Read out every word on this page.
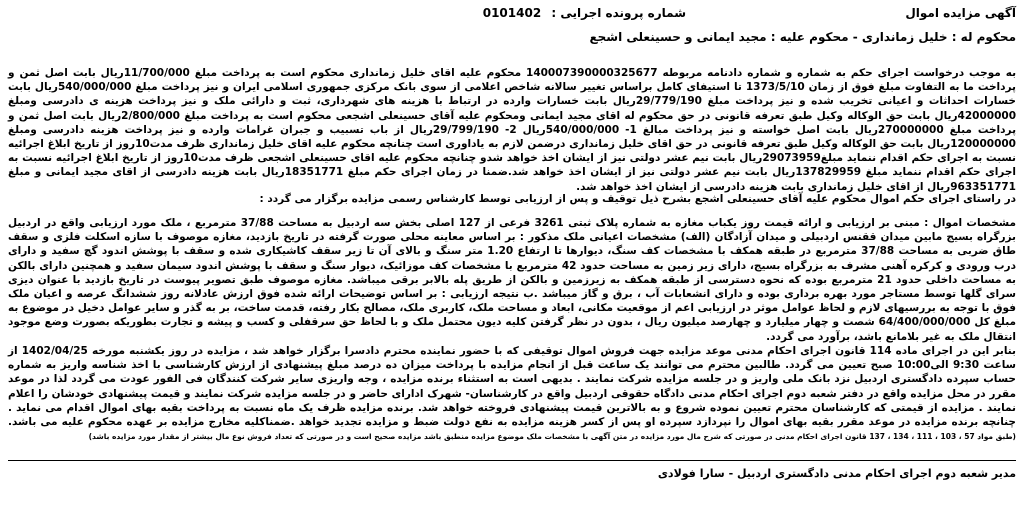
آگهی مزایده اموال
شماره پرونده اجرایی : 0101402
محکوم له : خلیل زمانداری - محکوم علیه : مجید ایمانی و حسینعلی اشجع

به موجب درخواست اجرای حکم به شماره و شماره دادنامه مربوطه 140007390000325677 محکوم علیه اقای خلیل زمانداری محکوم است به پرداخت مبلغ 11/700/000ریال بابت اصل ثمن و پرداخت ما به التفاوت مبلغ فوق از زمان 1373/5/10 تا استیفای کامل براساس تغییر سالانه شاخص اعلامی از سوی بانک مرکزی جمهوری اسلامی ایران و نیز پرداخت مبلغ 540/000/000ریال بابت خسارات احداثات و اعیانی تخریب شده و نیز پرداخت مبلغ 29/779/190ریال بابت خسارات وارده در ارتباط با هزینه های شهرداری، ثبت و دارائی ملک و نیز پرداخت هزینه ی دادرسی ومبلغ 42000000ریال بابت حق الوکاله وکیل طبق تعرفه قانونی در حق محکوم له اقای مجید ایمانی ومحکوم علیه آقای حسینعلی اشجعی محکوم است به پرداخت مبلغ 2/800/000ریال بابت اصل ثمن و پرداخت مبلغ 270000000ریال بابت اصل خواسته و نیز پرداخت مبالغ 1- 540/000/000ریال 2- 29/799/190ریال از باب تسبیب و جبران غرامات وارده و نیز پرداخت هزینه دادرسی ومبلغ 120000000ریال بابت حق الوکاله وکیل طبق تعرفه قانونی در حق اقای خلیل زمانداری درضمن لازم به یاداوری است چنانچه محکوم علیه اقای خلیل زمانداری ظرف مدت10روز از تاریخ ابلاغ اجرائیه نسبت به اجرای حکم اقدام ننماید مبلغ29073959ریال بابت نیم عشر دولتی نیز از ایشان اخذ خواهد شدو چنانچه محکوم علیه اقای حسینعلی اشجعی ظرف مدت10روز از تاریخ ابلاغ اجرائیه نسبت به اجرای حکم اقدام ننماید مبلغ 137829959ریال بابت نیم عشر دولتی نیز از ایشان اخذ خواهد شد.ضمنا در زمان اجرای حکم مبلغ 18351771ریال بابت هزینه دادرسی از اقای مجید ایمانی و مبلغ 963351771ریال از اقای خلیل زمانداری بابت هزینه دادرسی از ایشان اخذ خواهد شد.

در راستای اجرای حکم اموال محکوم علیه آقای حسینعلی اشجع بشرح ذیل توقیف و پس از ارزیابی توسط کارشناس رسمی مزایده برگزار می گردد :

مشخصات اموال : مبنی بر ارزیابی و ارائه قیمت روز یکباب مغازه به شماره پلاک ثبتی 3261 فرعی از 127 اصلی بخش سه اردبیل به مساحت 37/88 مترمربع ، ملک مورد ارزیابی واقع در اردبیل بزرگراه بسیج مابین میدان ققنس اردبیلی و میدان آزادگان (الف) مشخصات اعیانی ملک مذکور : بر اساس معاینه محلی صورت گرفته در تاریخ بازدید، مغازه موصوف با سازه اسکلت فلزی و سقف طاق ضربی به مساحت 37/88 مترمربع در طبقه همکف با مشخصات کف سنگ، دیوارها تا ارتفاع 1.20 متر سنگ و بالای آن تا زیر سقف کاشیکاری شده و سقف با پوشش اندود گچ سفید و دارای درب ورودی و کرکره آهنی مشرف به بزرگراه بسیج، دارای زیر زمین به مساحت حدود 42 مترمربع با مشخصات کف موزائیک، دیوار سنگ و سقف با پوشش اندود سیمان سفید و همچنین دارای بالکن به مساحت داخلی حدود 21 مترمربع بوده که نحوه دسترسی از طبقه همکف به زیرزمین و بالکن از طریق پله بالابر برقی میباشد. مغازه موصوف طبق تصویر پیوست در تاریخ بازدید با عنوان دیزی سرای گلها توسط مستاجر مورد بهره برداری بوده و دارای انشعابات آب ، برق و گاز میباشد .ب نتیجه ارزیابی : بر اساس توضیحات ارائه شده فوق ارزش عادلانه روز ششدانگ عرصه و اعیان ملک فوق با توجه به بررسیهای لازم و لحاظ عوامل موثر در ارزیابی اعم از موقعیت مکانی، ابعاد و مساحت ملک، کاربری ملک، مصالح بکار رفته، قدمت ساخت، بر به گذر و سایر عوامل دخیل در موضوع به مبلغ کل 64/400/000/000 شصت و چهار میلیارد و چهارصد میلیون ریال ، بدون در نظر گرفتن کلیه دیون محتمل ملک و با لحاظ حق سرقفلی و کسب و پیشه و تجارت بطوریکه بصورت وضع موجود انتقال ملک به غیر بلامانع باشد، برآورد می گردد.

بنابر این در اجرای ماده 114 قانون اجرای احکام مدنی موعد مزایده جهت فروش اموال توقیفی که با حضور نماینده محترم دادسرا برگزار خواهد شد ، مزایده در روز یکشنبه مورخه 1402/04/25 از ساعت 9:30 الی10:00 صبح تعیین می گردد. طالبین محترم می توانند یک ساعت قبل از انجام مزایده با پرداخت میزان ده درصد مبلغ پیشنهادی از ارزش کارشناسی با اخذ شناسه واریز به شماره حساب سپرده دادگستری اردبیل نزد بانک ملی واریز و در جلسه مزایده شرکت نمایند . بدیهی است به استثناء برنده مزایده ، وجه واریزی سایر شرکت کنندگان فی الفور عودت می گردد لذا در موعد مقرر در محل مزایده واقع در دفتر شعبه دوم اجرای احکام مدنی دادگاه حقوقی اردبیل واقع در کارشناسان- شهرک ادارای حاضر و در جلسه مزایده شرکت نمایند و قیمت پیشنهادی خودشان را اعلام نمایند . مزایده از قیمتی که کارشناسان محترم تعیین نموده شروع و به بالاترین قیمت پیشنهادی فروخته خواهد شد. برنده مزایده ظرف یک ماه نسبت به پرداخت بقیه بهای اموال اقدام می نماید . چنانچه برنده مزایده در موعد مقرر بقیه بهای اموال را نپردازد سپرده او پس از کسر هزینه مزایده به نفع دولت ضبط و مزایده تجدید خواهد .ضمناکلیه مخارج مزایده بر عهده محکوم علیه می باشد. (طبق مواد 57 ، 103 ، 111 ، 134 ، 137 قانون اجرای احکام مدنی در صورتی که شرح مال مورد مزایده در متن آگهی با مشخصات ملک موضوع مزایده منطبق باشد مزایده صحیح است و در صورتی که تعداد فروش نوع مال بیشتر از مقدار مورد مزایده باشد)
مدیر شعبه دوم اجرای احکام مدنی دادگستری اردبیل - سارا فولادی
